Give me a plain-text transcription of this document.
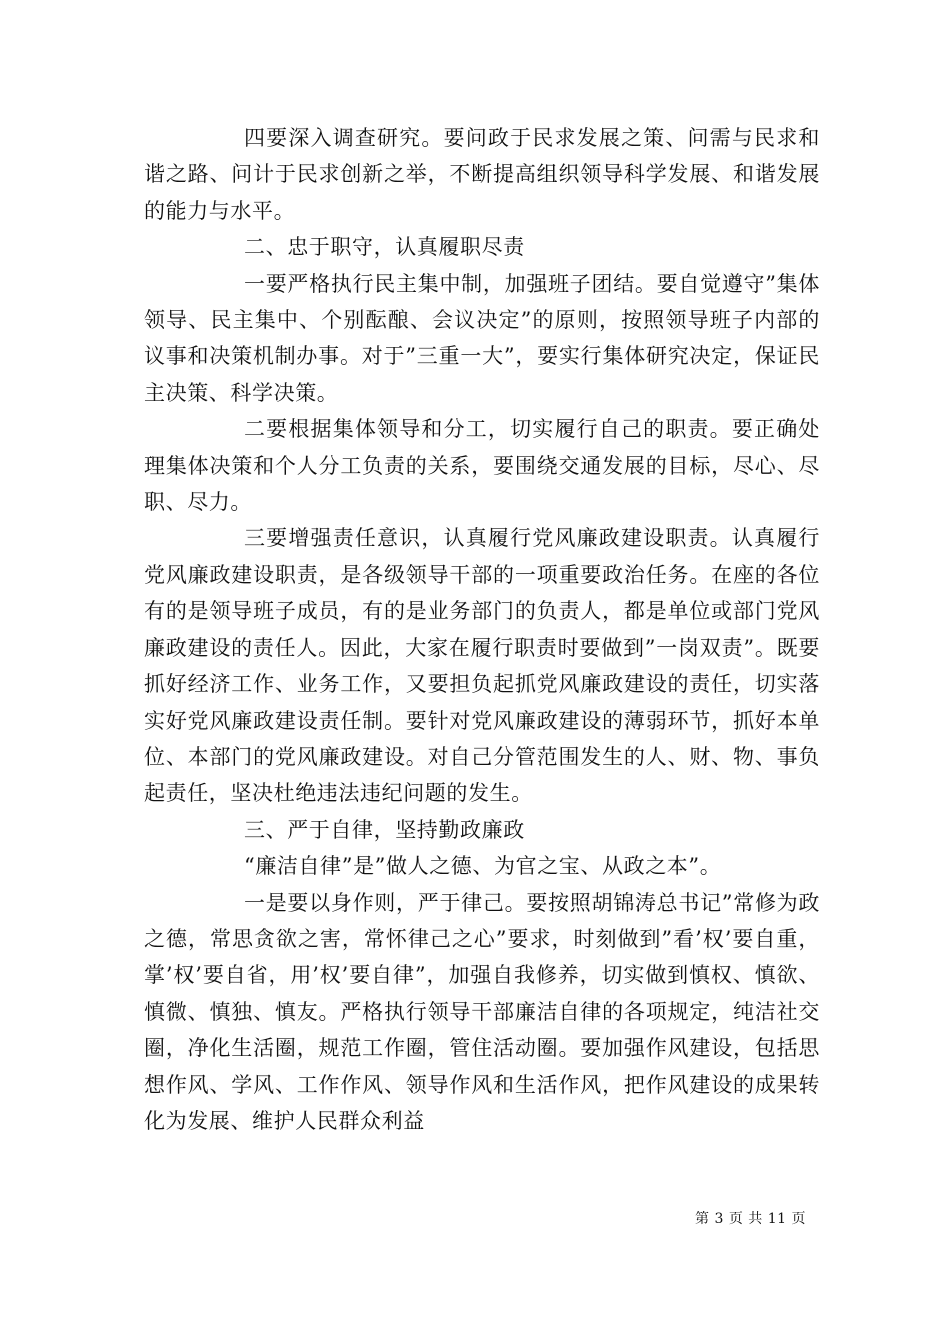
四要深入调查研究。要问政于民求发展之策、问需与民求和谐之路、问计于民求创新之举，不断提高组织领导科学发展、和谐发展的能力与水平。

二、忠于职守，认真履职尽责

一要严格执行民主集中制，加强班子团结。要自觉遵守”集体领导、民主集中、个别酝酿、会议决定”的原则，按照领导班子内部的议事和决策机制办事。对于”三重一大”，要实行集体研究决定，保证民主决策、科学决策。

二要根据集体领导和分工，切实履行自己的职责。要正确处理集体决策和个人分工负责的关系，要围绕交通发展的目标，尽心、尽职、尽力。

三要增强责任意识，认真履行党风廉政建设职责。认真履行党风廉政建设职责，是各级领导干部的一项重要政治任务。在座的各位有的是领导班子成员，有的是业务部门的负责人，都是单位或部门党风廉政建设的责任人。因此，大家在履行职责时要做到”一岗双责”。既要抓好经济工作、业务工作，又要担负起抓党风廉政建设的责任，切实落实好党风廉政建设责任制。要针对党风廉政建设的薄弱环节，抓好本单位、本部门的党风廉政建设。对自己分管范围发生的人、财、物、事负起责任，坚决杜绝违法违纪问题的发生。

三、严于自律，坚持勤政廉政

“廉洁自律”是”做人之德、为官之宝、从政之本”。

一是要以身作则，严于律己。要按照胡锦涛总书记”常修为政之德，常思贪欲之害，常怀律己之心”要求，时刻做到”看’权’要自重，掌’权’要自省，用’权’要自律”，加强自我修养，切实做到慎权、慎欲、慎微、慎独、慎友。严格执行领导干部廉洁自律的各项规定，纯洁社交圈，净化生活圈，规范工作圈，管住活动圈。要加强作风建设，包括思想作风、学风、工作作风、领导作风和生活作风，把作风建设的成果转化为发展、维护人民群众利益

第 3 页 共 11 页
